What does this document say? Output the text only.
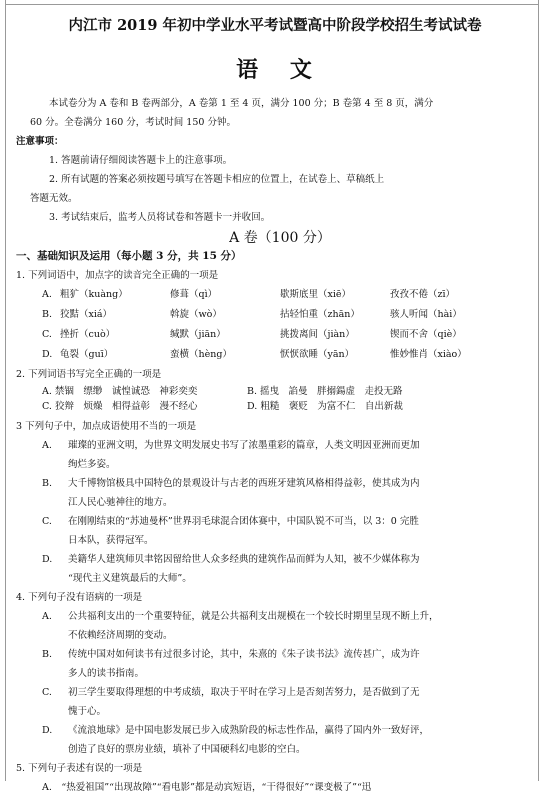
内江市 2019 年初中学业水平考试暨高中阶段学校招生考试试卷
语 文
本试卷分为 A 卷和 B 卷两部分，A 卷第 1 至 4 页，满分 100 分；B 卷第 4 至 8 页，满分
60 分。全卷满分 160 分，考试时间 150 分钟。
注意事项：
1. 答题前请仔细阅读答题卡上的注意事项。
2. 所有试题的答案必须按题号填写在答题卡相应的位置上，在试卷上、草稿纸上
答题无效。
3. 考试结束后，监考人员将试卷和答题卡一并收回。
A 卷（100 分）
一、基础知识及运用（每小题 3 分，共 15 分）
1. 下列词语中，加点字的读音完全正确的一项是
A. 粗犷（kuàng）	修葺（qì）	歇斯底里（xiē）	孜孜不倦（zī）
B. 狡黠（xiá）	斡旋（wò）	拈轻怕重（zhān）	骇人听闻（hài）
C. 挫折（cuò）	缄默（jiān）	挑拨离间（jiàn）	锲而不舍（qiè）
D. 龟裂（guī）	蛮横（hèng）	恹恹欲睡（yān）	惟妙惟肖（xiào）
2. 下列词语书写完全正确的一项是
A. 禁锢　缥缈　诚惶诚恐　神彩奕奕	B. 摇曳　諂曼　胖搦鍚虚　走投无路
C. 狡辩　烦燥　相得益彰　漫不经心	D. 粗糙　褒贬　为富不仁　自出新裁
3 下列句子中，加点成语使用不当的一项是
A.	璀璨的亚洲文明，为世界文明发展史书写了浓墨重彩的篇章，人类文明因亚洲而更加
绚烂多姿。
B.	大千博物馆极具中国特色的景观设计与古老的西班牙建筑风格相得益彰，使其成为内
江人民心驰神往的地方。
C.	在刚刚结束的“苏迪曼杯”世界羽毛球混合团体赛中，中国队锐不可当，以 3：0 完胜
日本队，获得冠军。
D.	美籍华人建筑师贝聿铭因留给世人众多经典的建筑作品而鲜为人知，被不少媒体称为
“现代主义建筑最后的大师”。
4. 下列句子没有语病的一项是
A.	公共福利支出的一个重要特征，就是公共福利支出规模在一个较长时期里呈现不断上升，
不依赖经济周期的变动。
B.	传统中国对如何读书有过很多讨论，其中，朱熹的《朱子读书法》流传甚广，成为许
多人的读书指南。
C.	初三学生要取得理想的中考成绩，取决于平时在学习上是否刻苦努力，是否做到了无
愧于心。
D.	《流浪地球》是中国电影发展已步入成熟阶段的标志性作品，赢得了国内外一致好评，
创造了良好的票房业绩，填补了中国硬科幻电影的空白。
5. 下列句子表述有误的一项是
A.　“热爱祖国”“出现故障”“看电影”都是动宾短语，“干得很好”“课变极了”“迅
